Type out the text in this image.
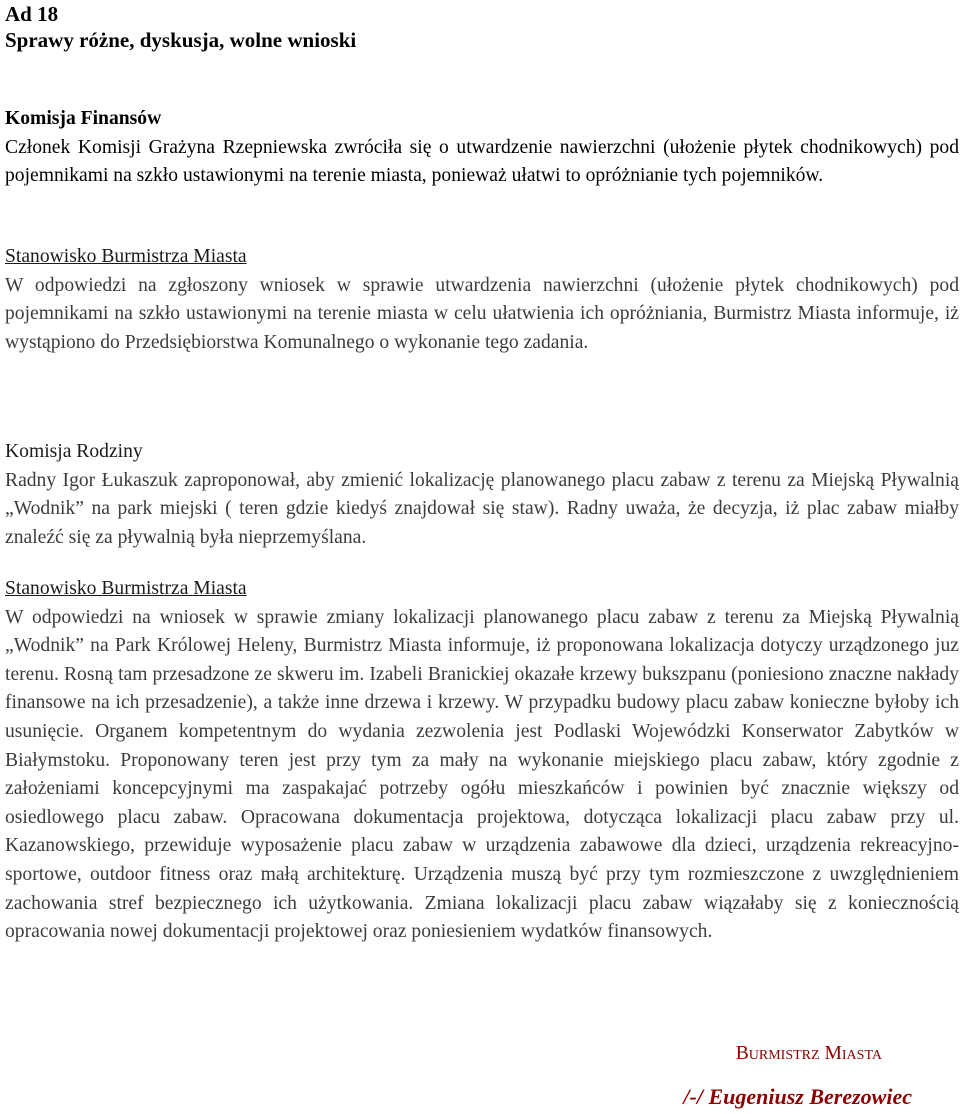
Ad 18

Sprawy różne, dyskusja, wolne wnioski

Komisja Finansów

Członek Komisji Grażyna Rzepniewska zwróciła się o utwardzenie nawierzchni (ułożenie płytek chodnikowych) pod pojemnikami na szkło ustawionymi na terenie miasta, ponieważ ułatwi to opróżnianie tych pojemników.

Stanowisko Burmistrza Miasta

W odpowiedzi na zgłoszony wniosek w sprawie utwardzenia nawierzchni (ułożenie płytek chodnikowych) pod pojemnikami na szkło ustawionymi na terenie miasta w celu ułatwienia ich opróżniania, Burmistrz Miasta informuje, iż wystąpiono do Przedsiębiorstwa Komunalnego o wykonanie tego zadania.

Komisja Rodziny

Radny Igor Łukaszuk zaproponował, aby zmienić lokalizację planowanego placu zabaw z terenu za Miejską Pływalnią „Wodnik” na park miejski ( teren gdzie kiedyś znajdował się staw). Radny uważa, że decyzja, iż plac zabaw miałby znaleźć się za pływalnią była nieprzemyślana.

Stanowisko Burmistrza Miasta

W odpowiedzi na wniosek w sprawie zmiany lokalizacji planowanego placu zabaw z terenu za Miejską Pływalnią „Wodnik” na Park Królowej Heleny, Burmistrz Miasta informuje, iż proponowana lokalizacja dotyczy urządzonego juz terenu. Rosną tam przesadzone ze skweru im. Izabeli Branickiej okazałe krzewy bukszpanu (poniesiono znaczne nakłady finansowe na ich przesadzenie), a także inne drzewa i krzewy. W przypadku budowy placu zabaw konieczne byłoby ich usunięcie. Organem kompetentnym do wydania zezwolenia jest Podlaski Wojewódzki Konserwator Zabytków w Białymstoku. Proponowany teren jest przy tym za mały na wykonanie miejskiego placu zabaw, który zgodnie z założeniami koncepcyjnymi ma zaspakajać potrzeby ogółu mieszkańców i powinien być znacznie większy od osiedlowego placu zabaw. Opracowana dokumentacja projektowa, dotycząca lokalizacji placu zabaw przy ul. Kazanowskiego, przewiduje wyposażenie placu zabaw w urządzenia zabawowe dla dzieci, urządzenia rekreacyjno-sportowe, outdoor fitness oraz małą architekturę. Urządzenia muszą być przy tym rozmieszczone z uwzględnieniem zachowania stref bezpiecznego ich użytkowania. Zmiana lokalizacji placu zabaw wiązałaby się z koniecznością opracowania nowej dokumentacji projektowej oraz poniesieniem wydatków finansowych.

Burmistrz Miasta
/-/ Eugeniusz Berezowiec
